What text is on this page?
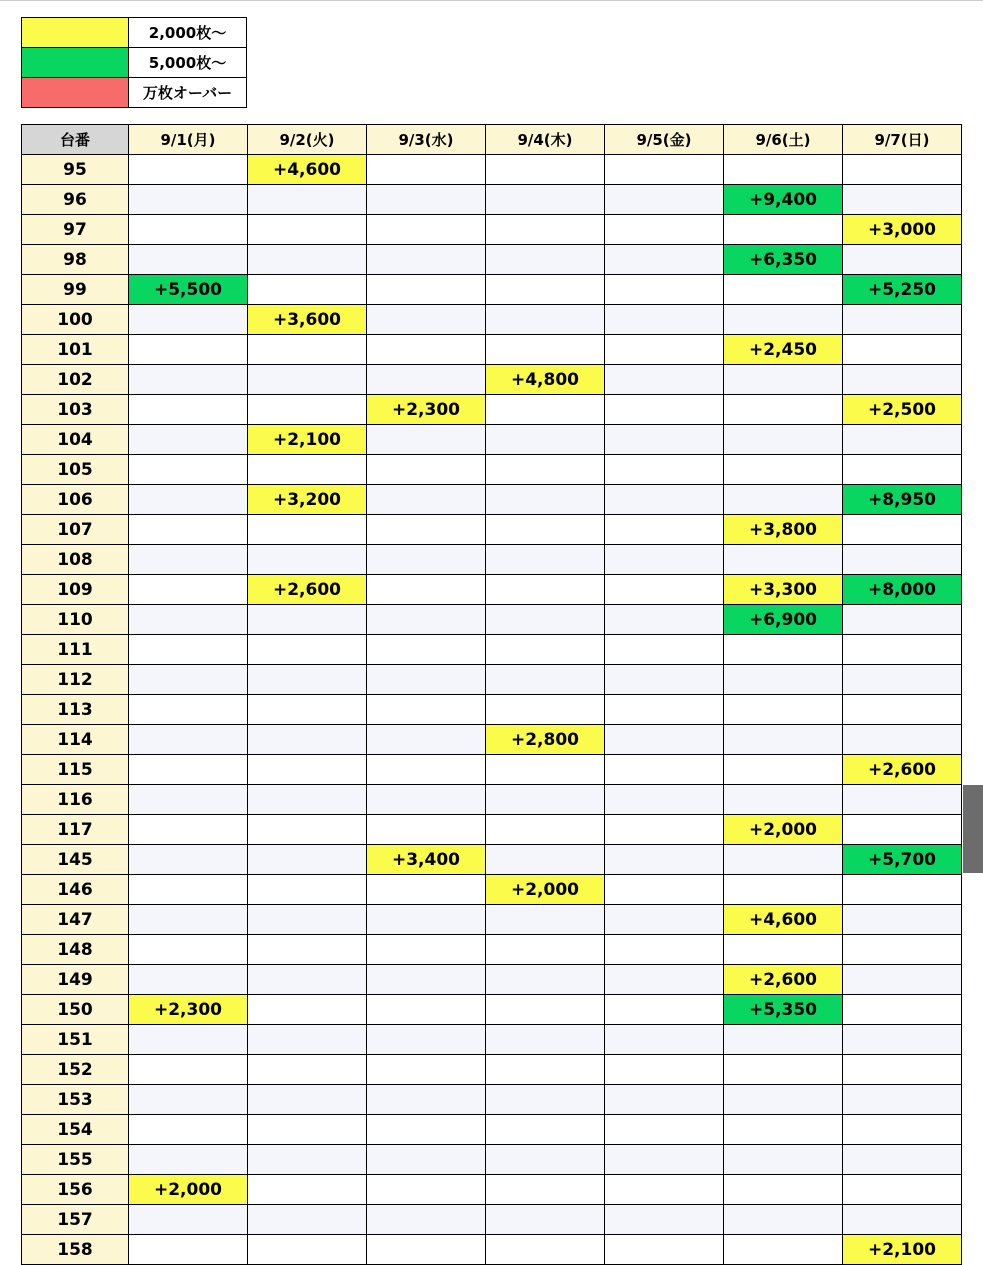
	2,000枚～
	5,000枚～
	万枚オーバー
台番	9/1(月)	9/2(火)	9/3(水)	9/4(木)	9/5(金)	9/6(土)	9/7(日)
95		+4,600					
96						+9,400	
97							+3,000
98						+6,350	
99	+5,500						+5,250
100		+3,600					
101						+2,450	
102				+4,800			
103			+2,300				+2,500
104		+2,100					
105							
106		+3,200					+8,950
107						+3,800	
108							
109		+2,600				+3,300	+8,000
110						+6,900	
111							
112							
113							
114				+2,800			
115							+2,600
116							
117						+2,000	
145			+3,400				+5,700
146				+2,000			
147						+4,600	
148							
149						+2,600	
150	+2,300					+5,350	
151							
152							
153							
154							
155							
156	+2,000						
157							
158							+2,100
